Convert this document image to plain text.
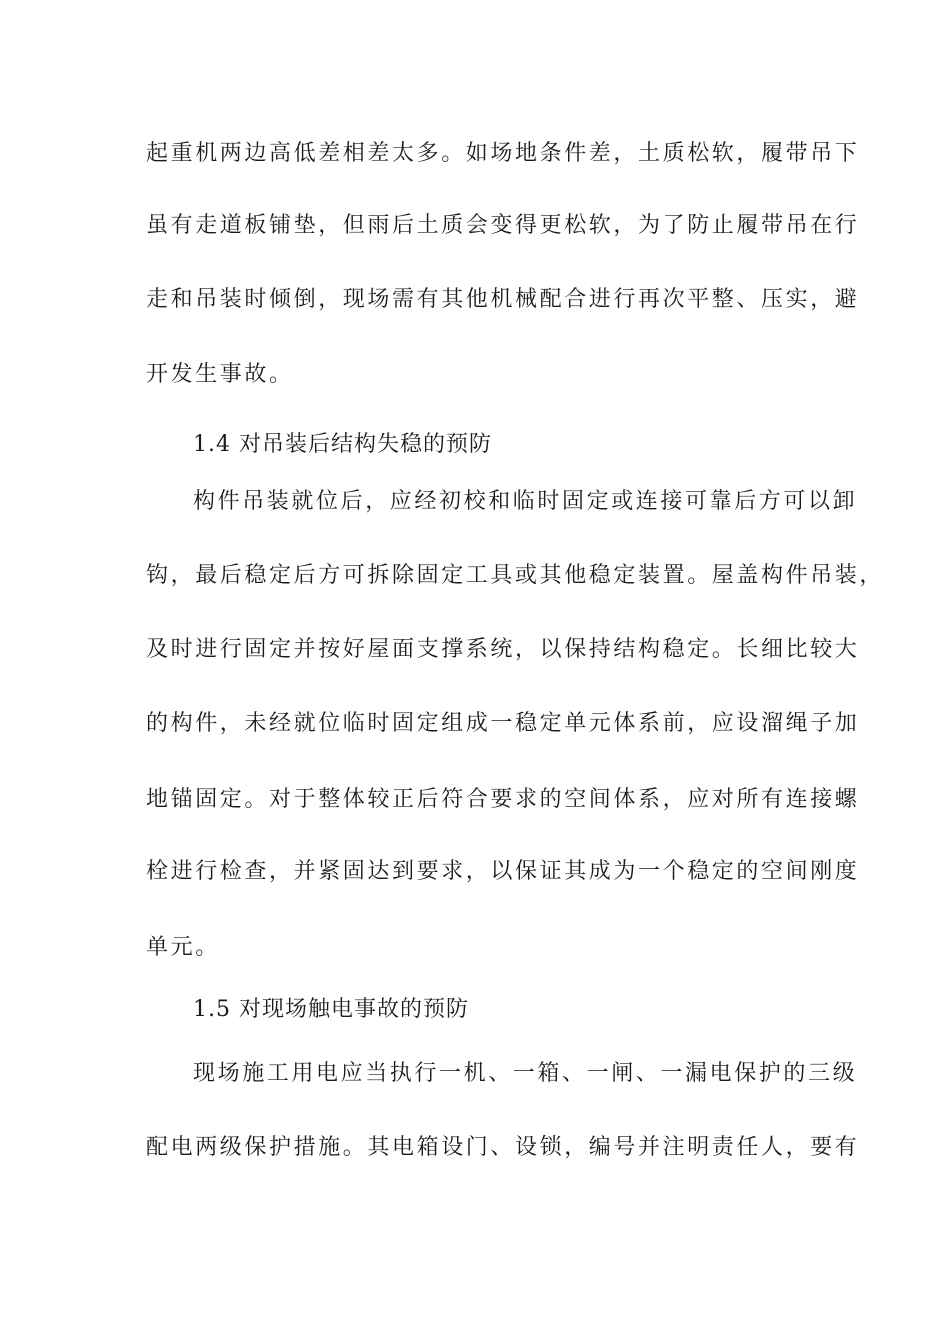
起重机两边高低差相差太多。如场地条件差，土质松软，履带吊下
虽有走道板铺垫，但雨后土质会变得更松软，为了防止履带吊在行
走和吊装时倾倒，现场需有其他机械配合进行再次平整、压实，避
开发生事故。
1.4 对吊装后结构失稳的预防
构件吊装就位后，应经初校和临时固定或连接可靠后方可以卸
钩，最后稳定后方可拆除固定工具或其他稳定装置。屋盖构件吊装，
及时进行固定并按好屋面支撑系统，以保持结构稳定。长细比较大
的构件，未经就位临时固定组成一稳定单元体系前，应设溜绳子加
地锚固定。对于整体较正后符合要求的空间体系，应对所有连接螺
栓进行检查，并紧固达到要求，以保证其成为一个稳定的空间刚度
单元。
1.5 对现场触电事故的预防
现场施工用电应当执行一机、一箱、一闸、一漏电保护的三级
配电两级保护措施。其电箱设门、设锁，编号并注明责任人，要有
